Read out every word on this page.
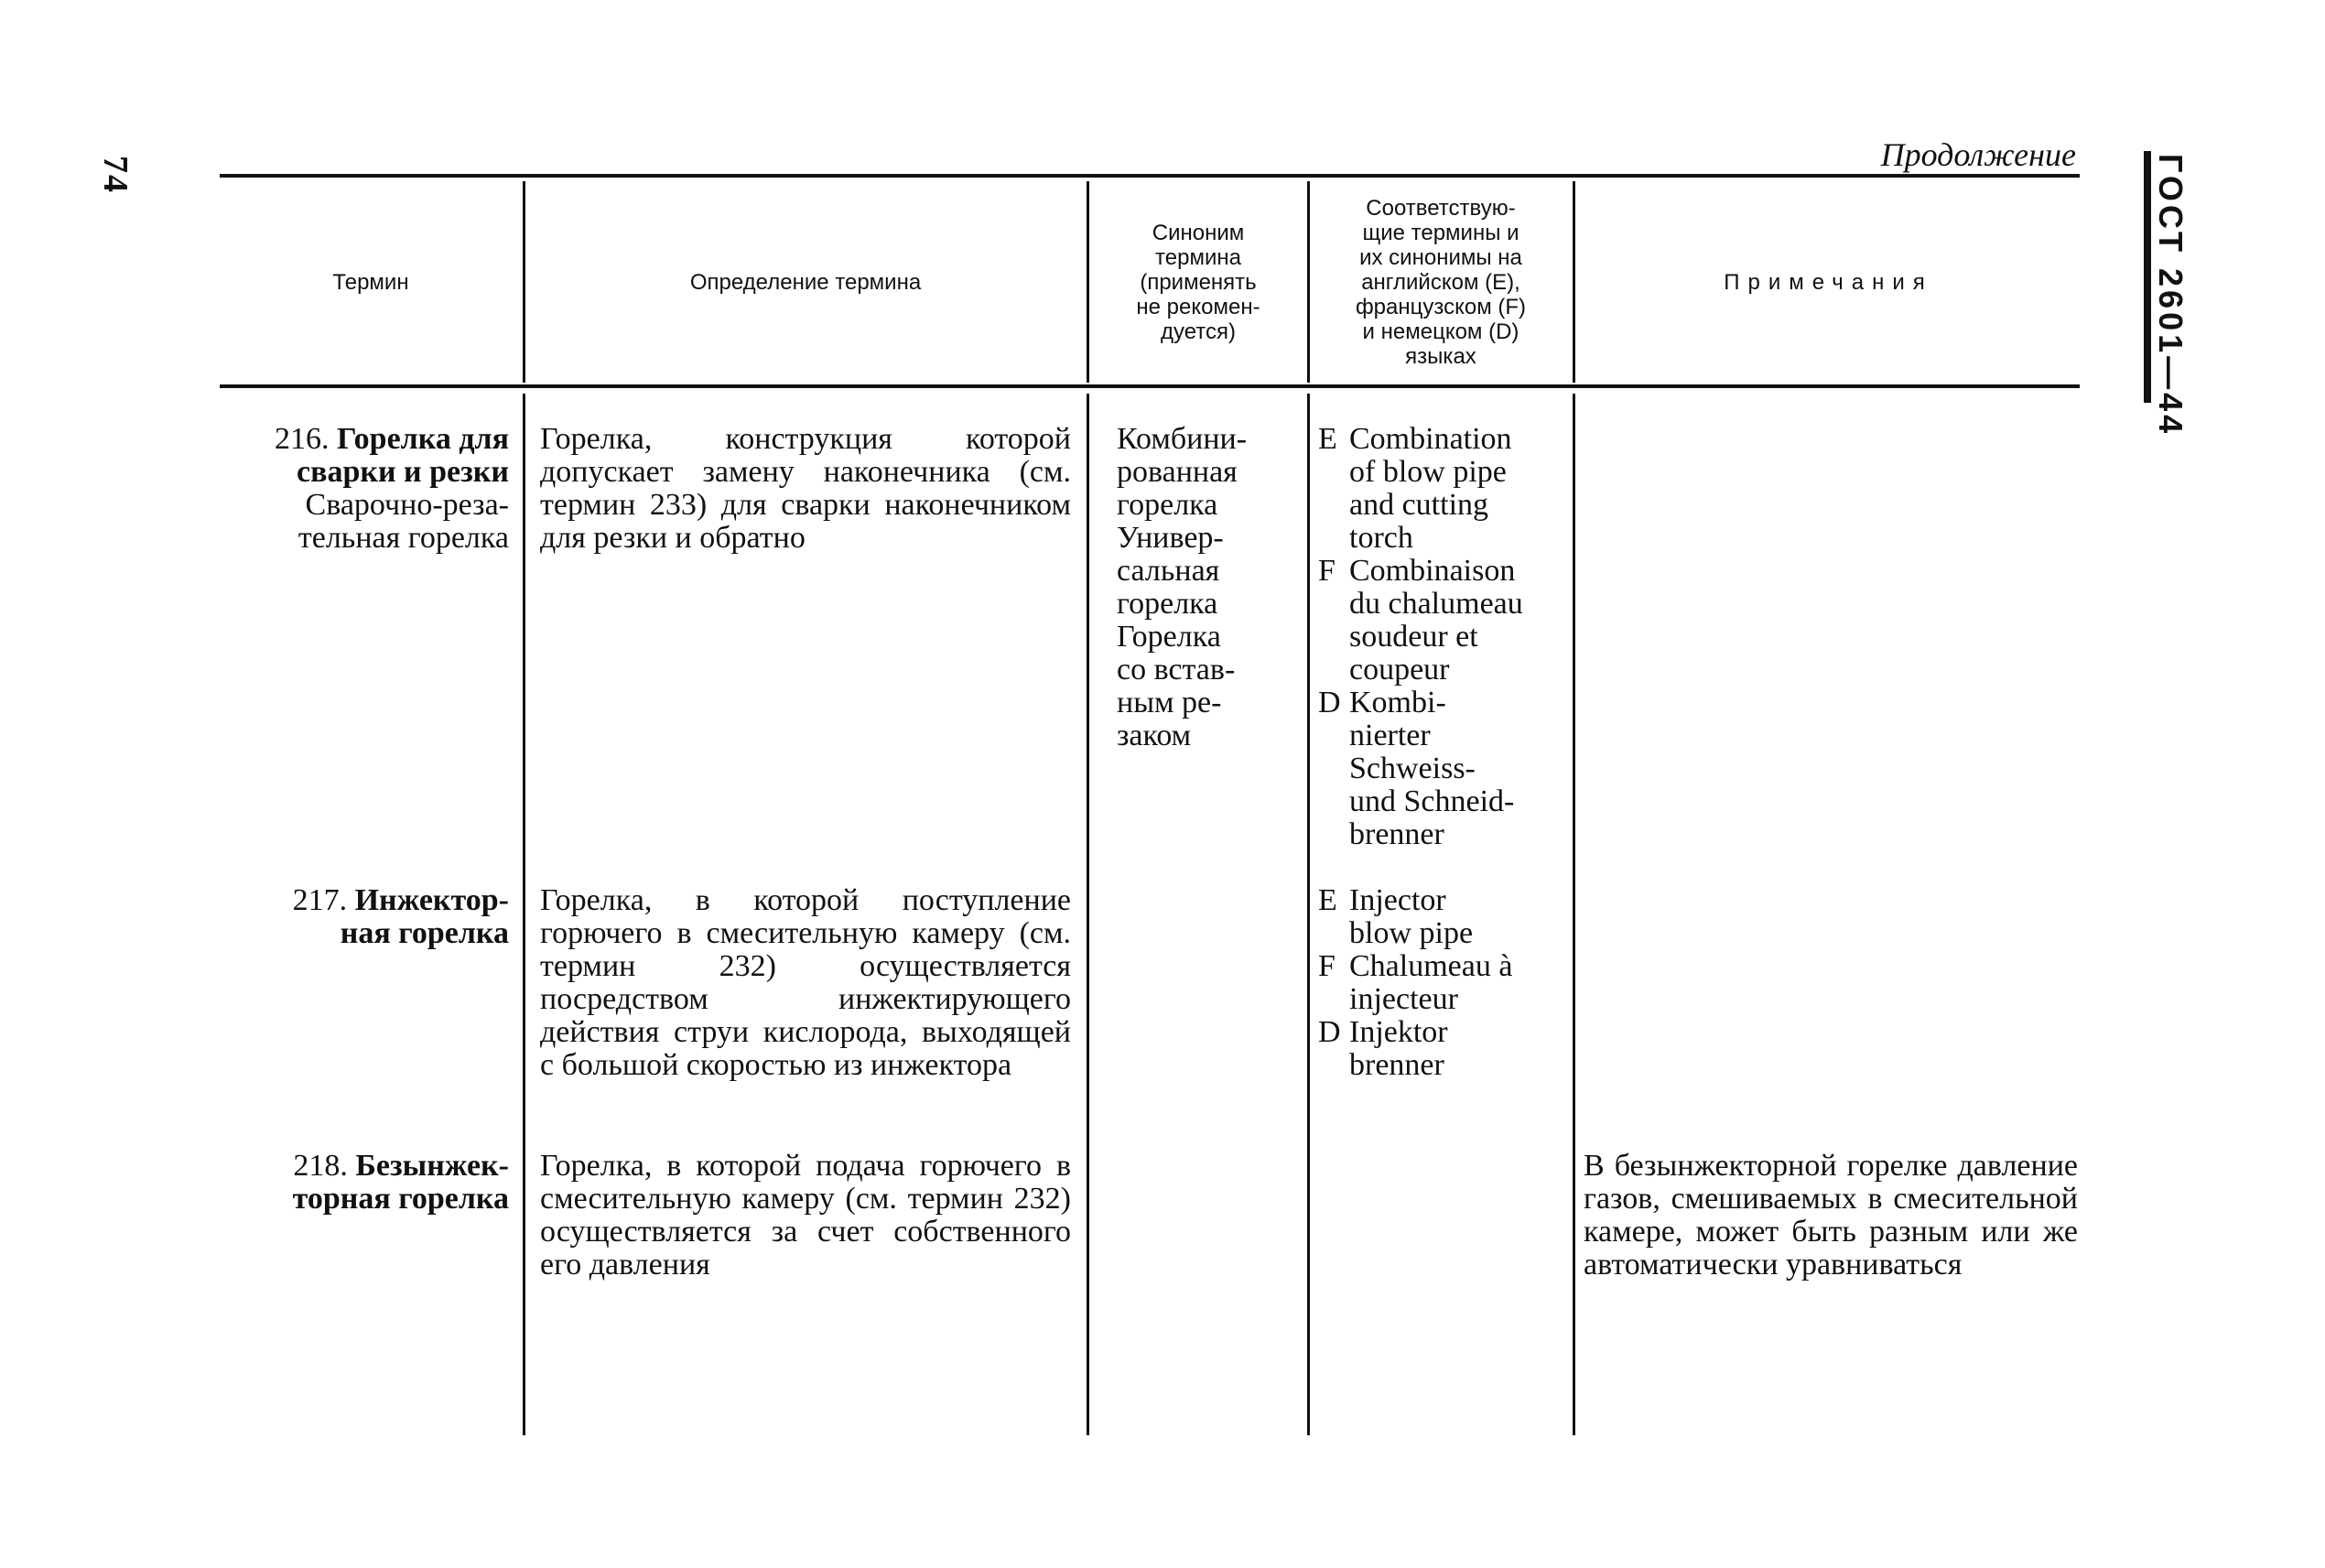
74
Продолжение ГОСТ 2601—44
Термин	Определение термина
Синоним
термина
(применять
не рекомен-
дуется)
Соответствую-
щие термины и
их синонимы на
английском (Е),
французском (F)
и немецком (D)
языках
Примечания
216. Горелка для сварки и резки
Сварочно-реза-
тельная горелка
Горелка, конструкция которой допускает замену наконечника (см. термин 233) для сварки наконечником для резки и обратно
Комбини-
рованная
горелка
Универ-
сальная
горелка
Горелка
со встав-
ным ре-
заком
E Combination
of blow pipe
and cutting
torch
F Combinaison
du chalumeau
soudeur et
coupeur
D Kombi-
nierter
Schweiss-
und Schneid-
brenner
217. Инжектор-
ная горелка
Горелка, в которой поступление горючего в смесительную камеру (см. термин 232) осуществляется посредством инжектирующего действия струи кислорода, выходящей с большой скоростью из инжектора
E Injector
blow pipe
F Chalumeau à
injecteur
D Injektor
brenner
218. Безынжек-
торная горелка
Горелка, в которой подача горючего в смесительную камеру (см. термин 232) осуществляется за счет собственного его давления
В безынжекторной горелке давление газов, смешиваемых в смесительной камере, может быть разным или же автоматически уравниваться
